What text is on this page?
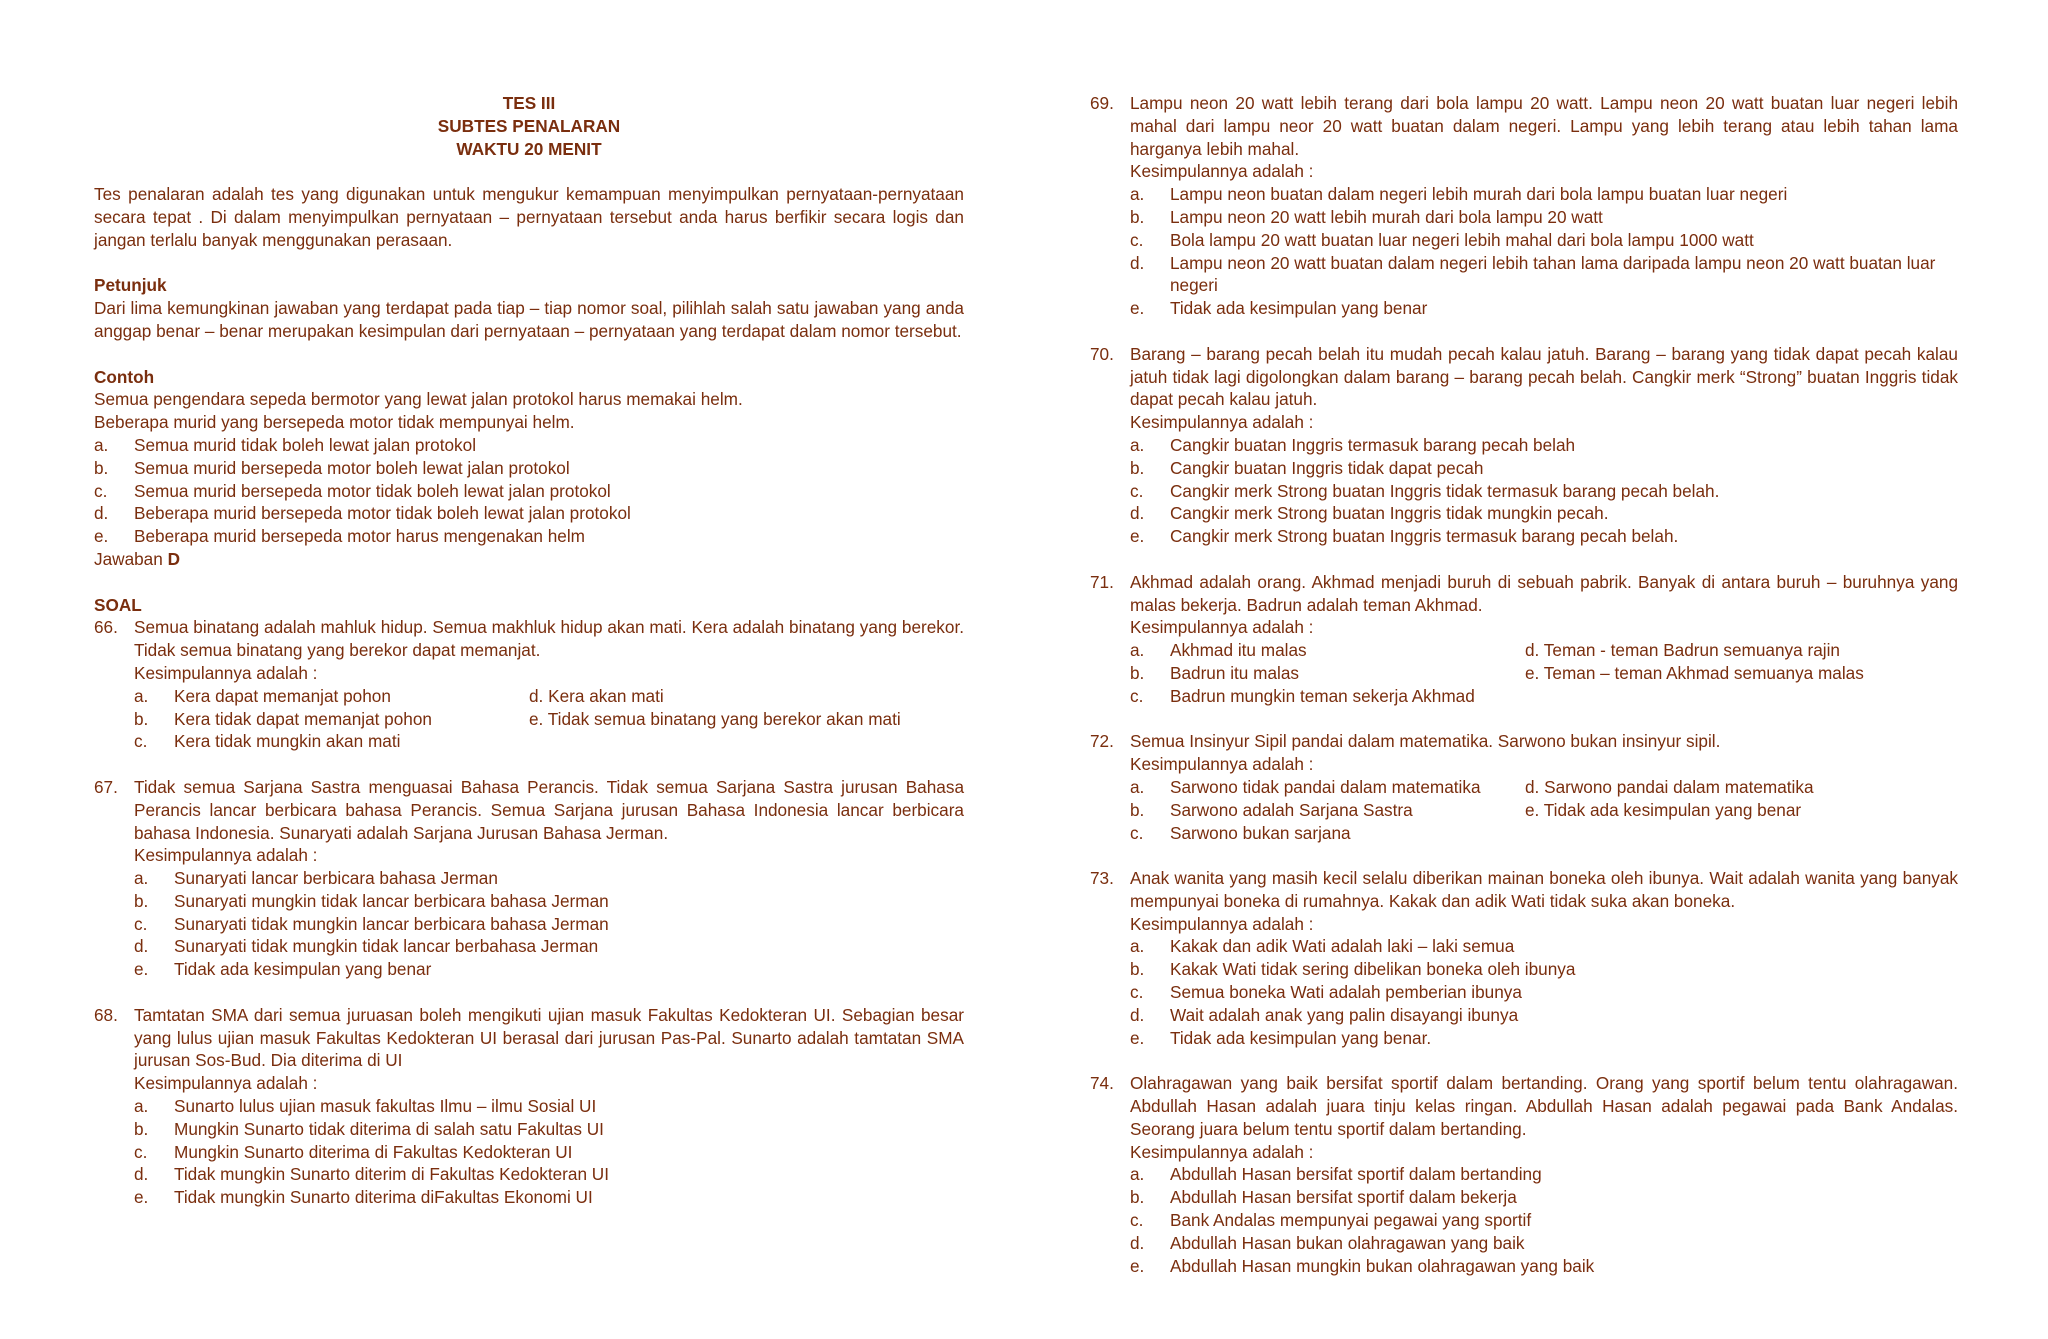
TES III
SUBTES PENALARAN
WAKTU 20 MENIT
Tes penalaran adalah tes yang digunakan untuk mengukur kemampuan menyimpulkan pernyataan-pernyataan secara tepat . Di dalam menyimpulkan pernyataan – pernyataan tersebut anda harus berfikir secara logis dan jangan terlalu banyak menggunakan perasaan.
Petunjuk
Dari lima kemungkinan jawaban yang terdapat pada tiap – tiap nomor soal, pilihlah salah satu jawaban yang anda anggap benar – benar merupakan kesimpulan dari pernyataan – pernyataan yang terdapat dalam nomor tersebut.
Contoh
Semua pengendara sepeda bermotor yang lewat jalan protokol harus memakai helm.
Beberapa murid yang bersepeda motor tidak mempunyai helm.
a.	Semua murid tidak boleh lewat jalan protokol
b.	Semua murid bersepeda motor boleh lewat jalan protokol
c.	Semua murid bersepeda motor tidak boleh lewat jalan protokol
d.	Beberapa murid bersepeda motor tidak boleh lewat jalan protokol
e.	Beberapa murid bersepeda motor harus mengenakan helm
Jawaban D
SOAL
66. Semua binatang adalah mahluk hidup. Semua makhluk hidup akan mati. Kera adalah binatang yang berekor. Tidak semua binatang yang berekor dapat memanjat.
Kesimpulannya adalah :
a.	Kera dapat memanjat pohon	d. Kera akan mati
b.	Kera tidak dapat memanjat pohon	e. Tidak semua binatang yang berekor akan mati
c.	Kera tidak mungkin akan mati
67. Tidak semua Sarjana Sastra menguasai Bahasa Perancis. Tidak semua Sarjana Sastra jurusan Bahasa Perancis lancar berbicara bahasa Perancis. Semua Sarjana jurusan Bahasa Indonesia lancar berbicara bahasa Indonesia. Sunaryati adalah Sarjana Jurusan Bahasa Jerman.
Kesimpulannya adalah :
a.	Sunaryati lancar berbicara bahasa Jerman
b.	Sunaryati mungkin tidak lancar berbicara bahasa Jerman
c.	Sunaryati tidak mungkin lancar berbicara bahasa Jerman
d.	Sunaryati tidak mungkin tidak lancar berbahasa Jerman
e.	Tidak ada kesimpulan yang benar
68. Tamtatan SMA dari semua juruasan boleh mengikuti ujian masuk Fakultas Kedokteran UI. Sebagian besar yang lulus ujian masuk Fakultas Kedokteran UI berasal dari jurusan Pas-Pal. Sunarto adalah tamtatan SMA jurusan Sos-Bud. Dia diterima di UI
Kesimpulannya adalah :
a.	Sunarto lulus ujian masuk fakultas Ilmu – ilmu Sosial UI
b.	Mungkin Sunarto tidak diterima di salah satu Fakultas UI
c.	Mungkin Sunarto diterima di Fakultas Kedokteran UI
d.	Tidak mungkin Sunarto diterim di Fakultas Kedokteran UI
e.	Tidak mungkin Sunarto diterima diFakultas Ekonomi UI
69. Lampu neon 20 watt lebih terang dari bola lampu 20 watt. Lampu neon 20 watt buatan luar negeri lebih mahal dari lampu neor 20 watt buatan dalam negeri. Lampu yang lebih terang atau lebih tahan lama harganya lebih mahal.
Kesimpulannya adalah :
a.	Lampu neon buatan dalam negeri lebih murah dari bola lampu buatan luar negeri
b.	Lampu neon 20 watt lebih murah dari bola lampu 20 watt
c.	Bola lampu 20 watt buatan luar negeri lebih mahal dari bola lampu 1000 watt
d.	Lampu neon 20 watt buatan dalam negeri lebih tahan lama daripada lampu neon 20 watt buatan luar negeri
e.	Tidak ada kesimpulan yang benar
70. Barang – barang pecah belah itu mudah pecah kalau jatuh. Barang – barang yang tidak dapat pecah kalau jatuh tidak lagi digolongkan dalam barang – barang pecah belah. Cangkir merk “Strong” buatan Inggris tidak dapat pecah kalau jatuh.
Kesimpulannya adalah :
a.	Cangkir buatan Inggris termasuk barang pecah belah
b.	Cangkir buatan Inggris tidak dapat pecah
c.	Cangkir merk Strong buatan Inggris tidak termasuk barang pecah belah.
d.	Cangkir merk Strong buatan Inggris tidak mungkin pecah.
e.	Cangkir merk Strong buatan Inggris termasuk barang pecah belah.
71. Akhmad adalah orang. Akhmad menjadi buruh di sebuah pabrik. Banyak di antara buruh – buruhnya yang malas bekerja. Badrun adalah teman Akhmad.
Kesimpulannya adalah :
a.	Akhmad itu malas	d. Teman - teman Badrun semuanya rajin
b.	Badrun itu malas	e. Teman – teman Akhmad semuanya malas
c.	Badrun mungkin teman sekerja Akhmad
72. Semua Insinyur Sipil pandai dalam matematika. Sarwono bukan insinyur sipil.
Kesimpulannya adalah :
a.	Sarwono tidak pandai dalam matematika	d. Sarwono pandai dalam matematika
b.	Sarwono adalah Sarjana Sastra	e. Tidak ada kesimpulan yang benar
c.	Sarwono bukan sarjana
73. Anak wanita yang masih kecil selalu diberikan mainan boneka oleh ibunya. Wait adalah wanita yang banyak mempunyai boneka di rumahnya. Kakak dan adik Wati tidak suka akan boneka.
Kesimpulannya adalah :
a.	Kakak dan adik Wati adalah laki – laki semua
b.	Kakak Wati tidak sering dibelikan boneka oleh ibunya
c.	Semua boneka Wati adalah pemberian ibunya
d.	Wait adalah anak yang palin disayangi ibunya
e.	Tidak ada kesimpulan yang benar.
74. Olahragawan yang baik bersifat sportif dalam bertanding. Orang yang sportif belum tentu olahragawan. Abdullah Hasan adalah juara tinju kelas ringan. Abdullah Hasan adalah pegawai pada Bank Andalas. Seorang juara belum tentu sportif dalam bertanding.
Kesimpulannya adalah :
a.	Abdullah Hasan bersifat sportif dalam bertanding
b.	Abdullah Hasan bersifat sportif dalam bekerja
c.	Bank Andalas mempunyai pegawai yang sportif
d.	Abdullah Hasan bukan olahragawan yang baik
e.	Abdullah Hasan mungkin bukan olahragawan yang baik
